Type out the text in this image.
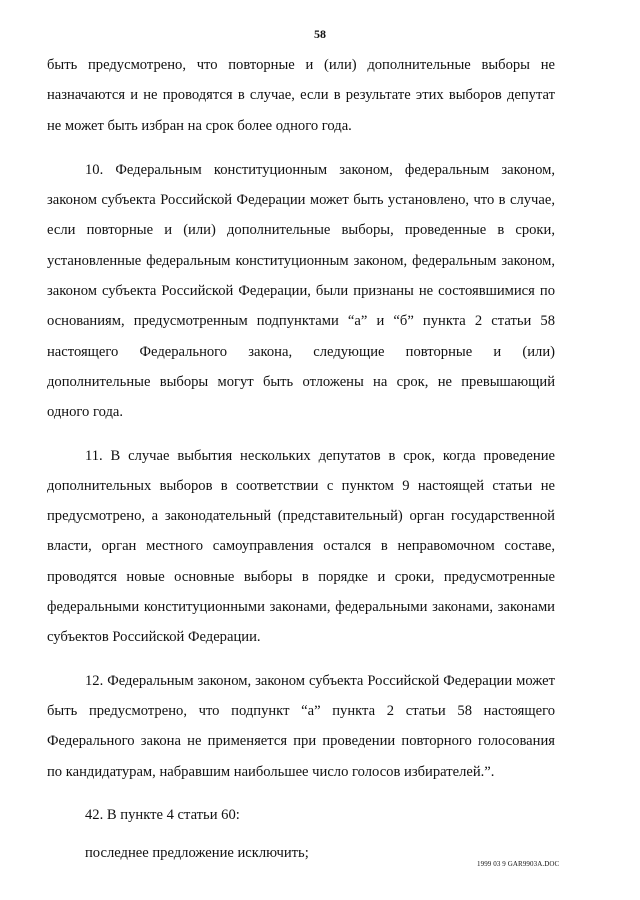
58

быть предусмотрено, что повторные и (или) дополнительные выборы не назначаются и не проводятся в случае, если в результате этих выборов депутат не может быть избран на срок более одного года.

10. Федеральным конституционным законом, федеральным законом, законом субъекта Российской Федерации может быть установлено, что в случае, если повторные и (или) дополнительные выборы, проведенные в сроки, установленные федеральным конституционным законом, федеральным законом, законом субъекта Российской Федерации, были признаны не состоявшимися по основаниям, предусмотренным подпунктами “а” и “б” пункта 2 статьи 58 настоящего Федерального закона, следующие повторные и (или) дополнительные выборы могут быть отложены на срок, не превышающий одного года.

11. В случае выбытия нескольких депутатов в срок, когда проведение дополнительных выборов в соответствии с пунктом 9 настоящей статьи не предусмотрено, а законодательный (представительный) орган государственной власти, орган местного самоуправления остался в неправомочном составе, проводятся новые основные выборы в порядке и сроки, предусмотренные федеральными конституционными законами, федеральными законами, законами субъектов Российской Федерации.

12. Федеральным законом, законом субъекта Российской Федерации может быть предусмотрено, что подпункт “а” пункта 2 статьи 58 настоящего Федерального закона не применяется при проведении повторного голосования по кандидатурам, набравшим наибольшее число голосов избирателей.”.

42. В пункте 4 статьи 60:

последнее предложение исключить;

1999 03 9 GAR9903A.DOC
